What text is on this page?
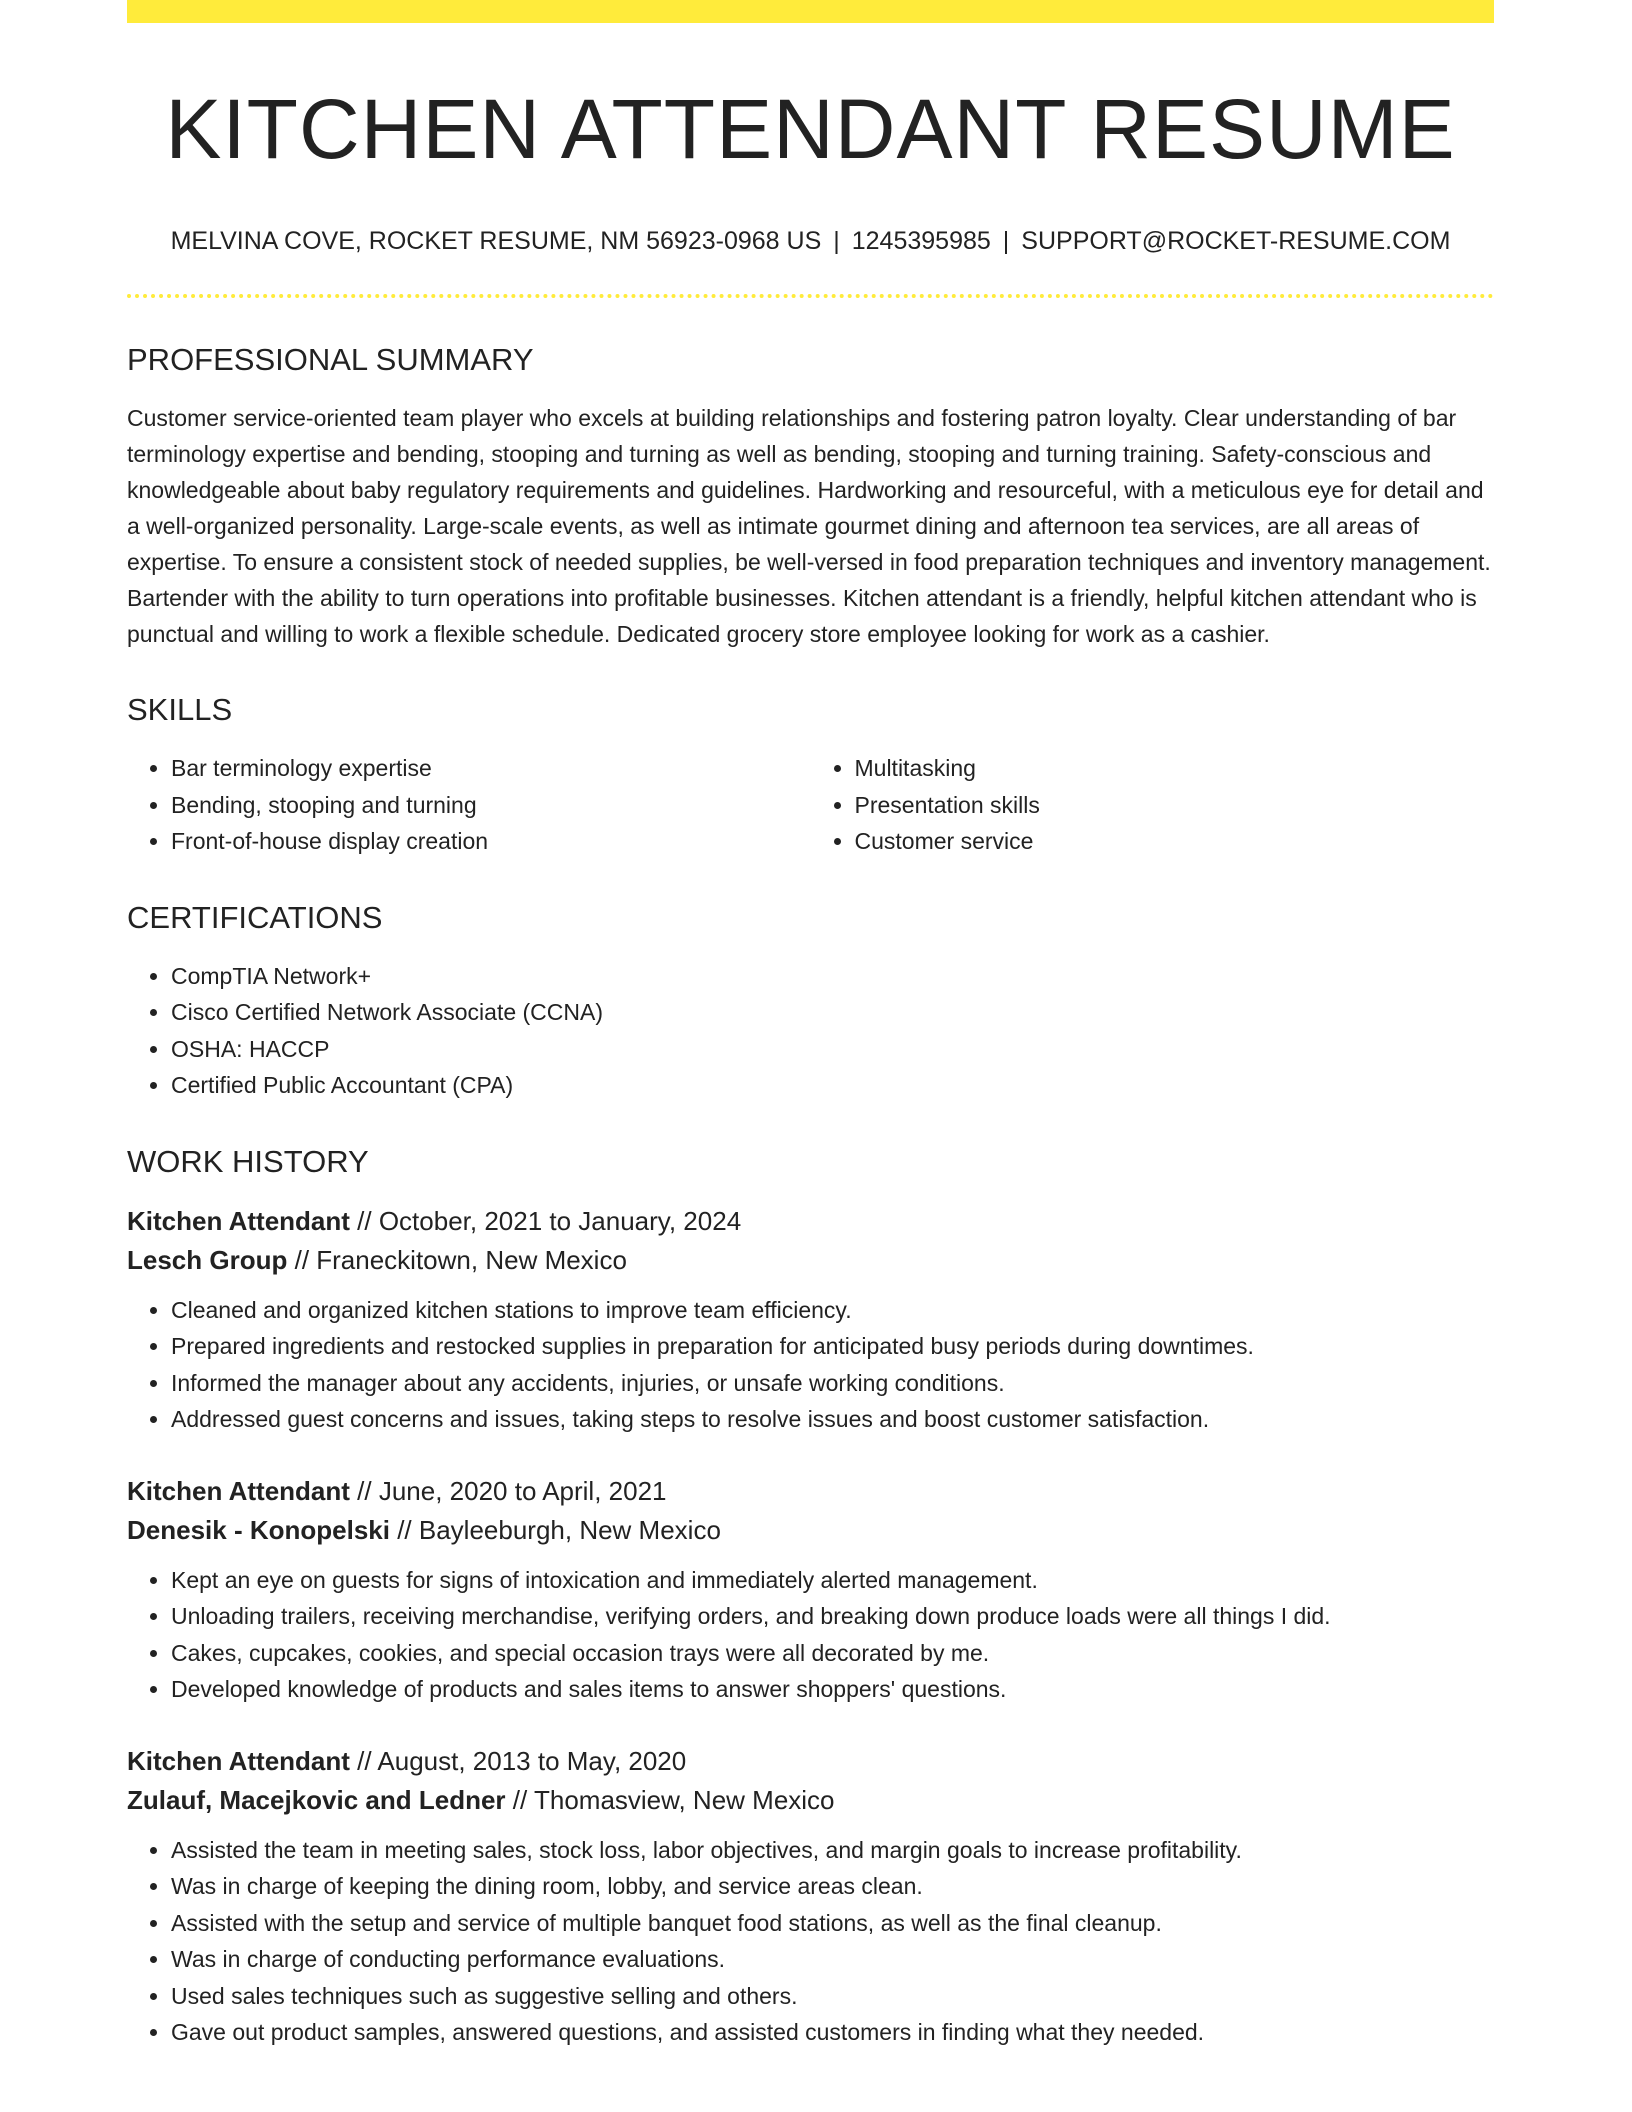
KITCHEN ATTENDANT RESUME
MELVINA COVE, ROCKET RESUME, NM 56923-0968 US | 1245395985 | SUPPORT@ROCKET-RESUME.COM
PROFESSIONAL SUMMARY

Customer service-oriented team player who excels at building relationships and fostering patron loyalty. Clear understanding of bar terminology expertise and bending, stooping and turning as well as bending, stooping and turning training. Safety-conscious and knowledgeable about baby regulatory requirements and guidelines. Hardworking and resourceful, with a meticulous eye for detail and a well-organized personality. Large-scale events, as well as intimate gourmet dining and afternoon tea services, are all areas of expertise. To ensure a consistent stock of needed supplies, be well-versed in food preparation techniques and inventory management. Bartender with the ability to turn operations into profitable businesses. Kitchen attendant is a friendly, helpful kitchen attendant who is punctual and willing to work a flexible schedule. Dedicated grocery store employee looking for work as a cashier.

SKILLS
• Bar terminology expertise
• Bending, stooping and turning
• Front-of-house display creation
• Multitasking
• Presentation skills
• Customer service
CERTIFICATIONS
• CompTIA Network+
• Cisco Certified Network Associate (CCNA)
• OSHA: HACCP
• Certified Public Accountant (CPA)
WORK HISTORY
Kitchen Attendant // October, 2021 to January, 2024
Lesch Group // Franeckitown, New Mexico
• Cleaned and organized kitchen stations to improve team efficiency.
• Prepared ingredients and restocked supplies in preparation for anticipated busy periods during downtimes.
• Informed the manager about any accidents, injuries, or unsafe working conditions.
• Addressed guest concerns and issues, taking steps to resolve issues and boost customer satisfaction.
Kitchen Attendant // June, 2020 to April, 2021
Denesik - Konopelski // Bayleeburgh, New Mexico
• Kept an eye on guests for signs of intoxication and immediately alerted management.
• Unloading trailers, receiving merchandise, verifying orders, and breaking down produce loads were all things I did.
• Cakes, cupcakes, cookies, and special occasion trays were all decorated by me.
• Developed knowledge of products and sales items to answer shoppers' questions.
Kitchen Attendant // August, 2013 to May, 2020
Zulauf, Macejkovic and Ledner // Thomasview, New Mexico
• Assisted the team in meeting sales, stock loss, labor objectives, and margin goals to increase profitability.
• Was in charge of keeping the dining room, lobby, and service areas clean.
• Assisted with the setup and service of multiple banquet food stations, as well as the final cleanup.
• Was in charge of conducting performance evaluations.
• Used sales techniques such as suggestive selling and others.
• Gave out product samples, answered questions, and assisted customers in finding what they needed.
